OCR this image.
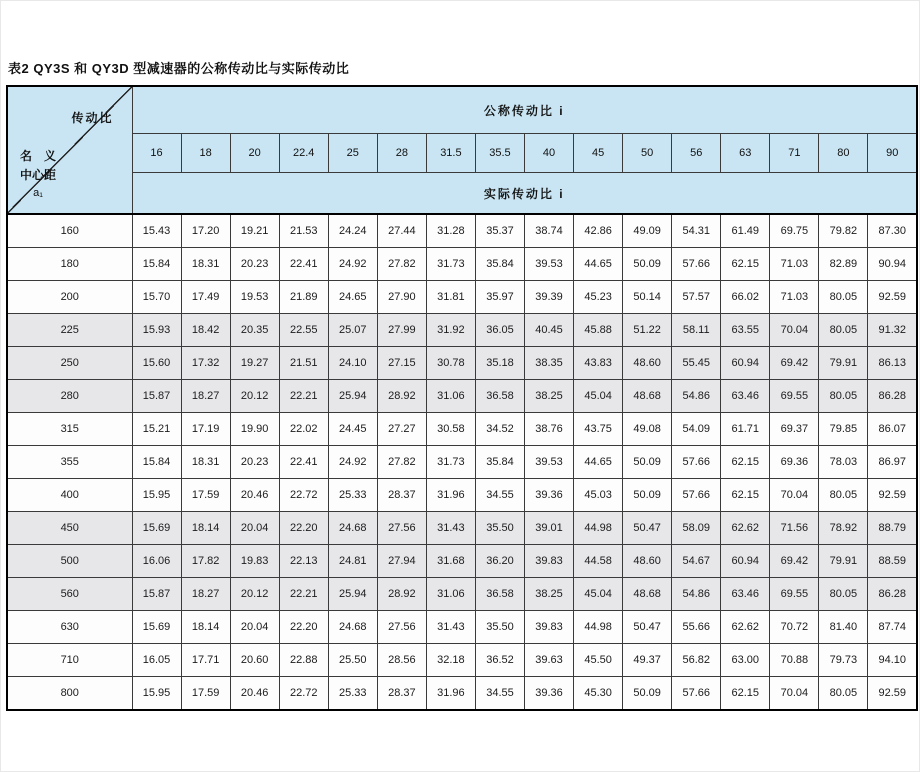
表2 QY3S 和 QY3D 型减速器的公称传动比与实际传动比
传动比
名　义
中心距
a₁	公称传动比 i															
	16	18	20	22.4	25	28	31.5	35.5	40	45	50	56	63	71	80	90
	实际传动比 i															
160	15.43	17.20	19.21	21.53	24.24	27.44	31.28	35.37	38.74	42.86	49.09	54.31	61.49	69.75	79.82	87.30
180	15.84	18.31	20.23	22.41	24.92	27.82	31.73	35.84	39.53	44.65	50.09	57.66	62.15	71.03	82.89	90.94
200	15.70	17.49	19.53	21.89	24.65	27.90	31.81	35.97	39.39	45.23	50.14	57.57	66.02	71.03	80.05	92.59
225	15.93	18.42	20.35	22.55	25.07	27.99	31.92	36.05	40.45	45.88	51.22	58.11	63.55	70.04	80.05	91.32
250	15.60	17.32	19.27	21.51	24.10	27.15	30.78	35.18	38.35	43.83	48.60	55.45	60.94	69.42	79.91	86.13
280	15.87	18.27	20.12	22.21	25.94	28.92	31.06	36.58	38.25	45.04	48.68	54.86	63.46	69.55	80.05	86.28
315	15.21	17.19	19.90	22.02	24.45	27.27	30.58	34.52	38.76	43.75	49.08	54.09	61.71	69.37	79.85	86.07
355	15.84	18.31	20.23	22.41	24.92	27.82	31.73	35.84	39.53	44.65	50.09	57.66	62.15	69.36	78.03	86.97
400	15.95	17.59	20.46	22.72	25.33	28.37	31.96	34.55	39.36	45.03	50.09	57.66	62.15	70.04	80.05	92.59
450	15.69	18.14	20.04	22.20	24.68	27.56	31.43	35.50	39.01	44.98	50.47	58.09	62.62	71.56	78.92	88.79
500	16.06	17.82	19.83	22.13	24.81	27.94	31.68	36.20	39.83	44.58	48.60	54.67	60.94	69.42	79.91	88.59
560	15.87	18.27	20.12	22.21	25.94	28.92	31.06	36.58	38.25	45.04	48.68	54.86	63.46	69.55	80.05	86.28
630	15.69	18.14	20.04	22.20	24.68	27.56	31.43	35.50	39.83	44.98	50.47	55.66	62.62	70.72	81.40	87.74
710	16.05	17.71	20.60	22.88	25.50	28.56	32.18	36.52	39.63	45.50	49.37	56.82	63.00	70.88	79.73	94.10
800	15.95	17.59	20.46	22.72	25.33	28.37	31.96	34.55	39.36	45.30	50.09	57.66	62.15	70.04	80.05	92.59
